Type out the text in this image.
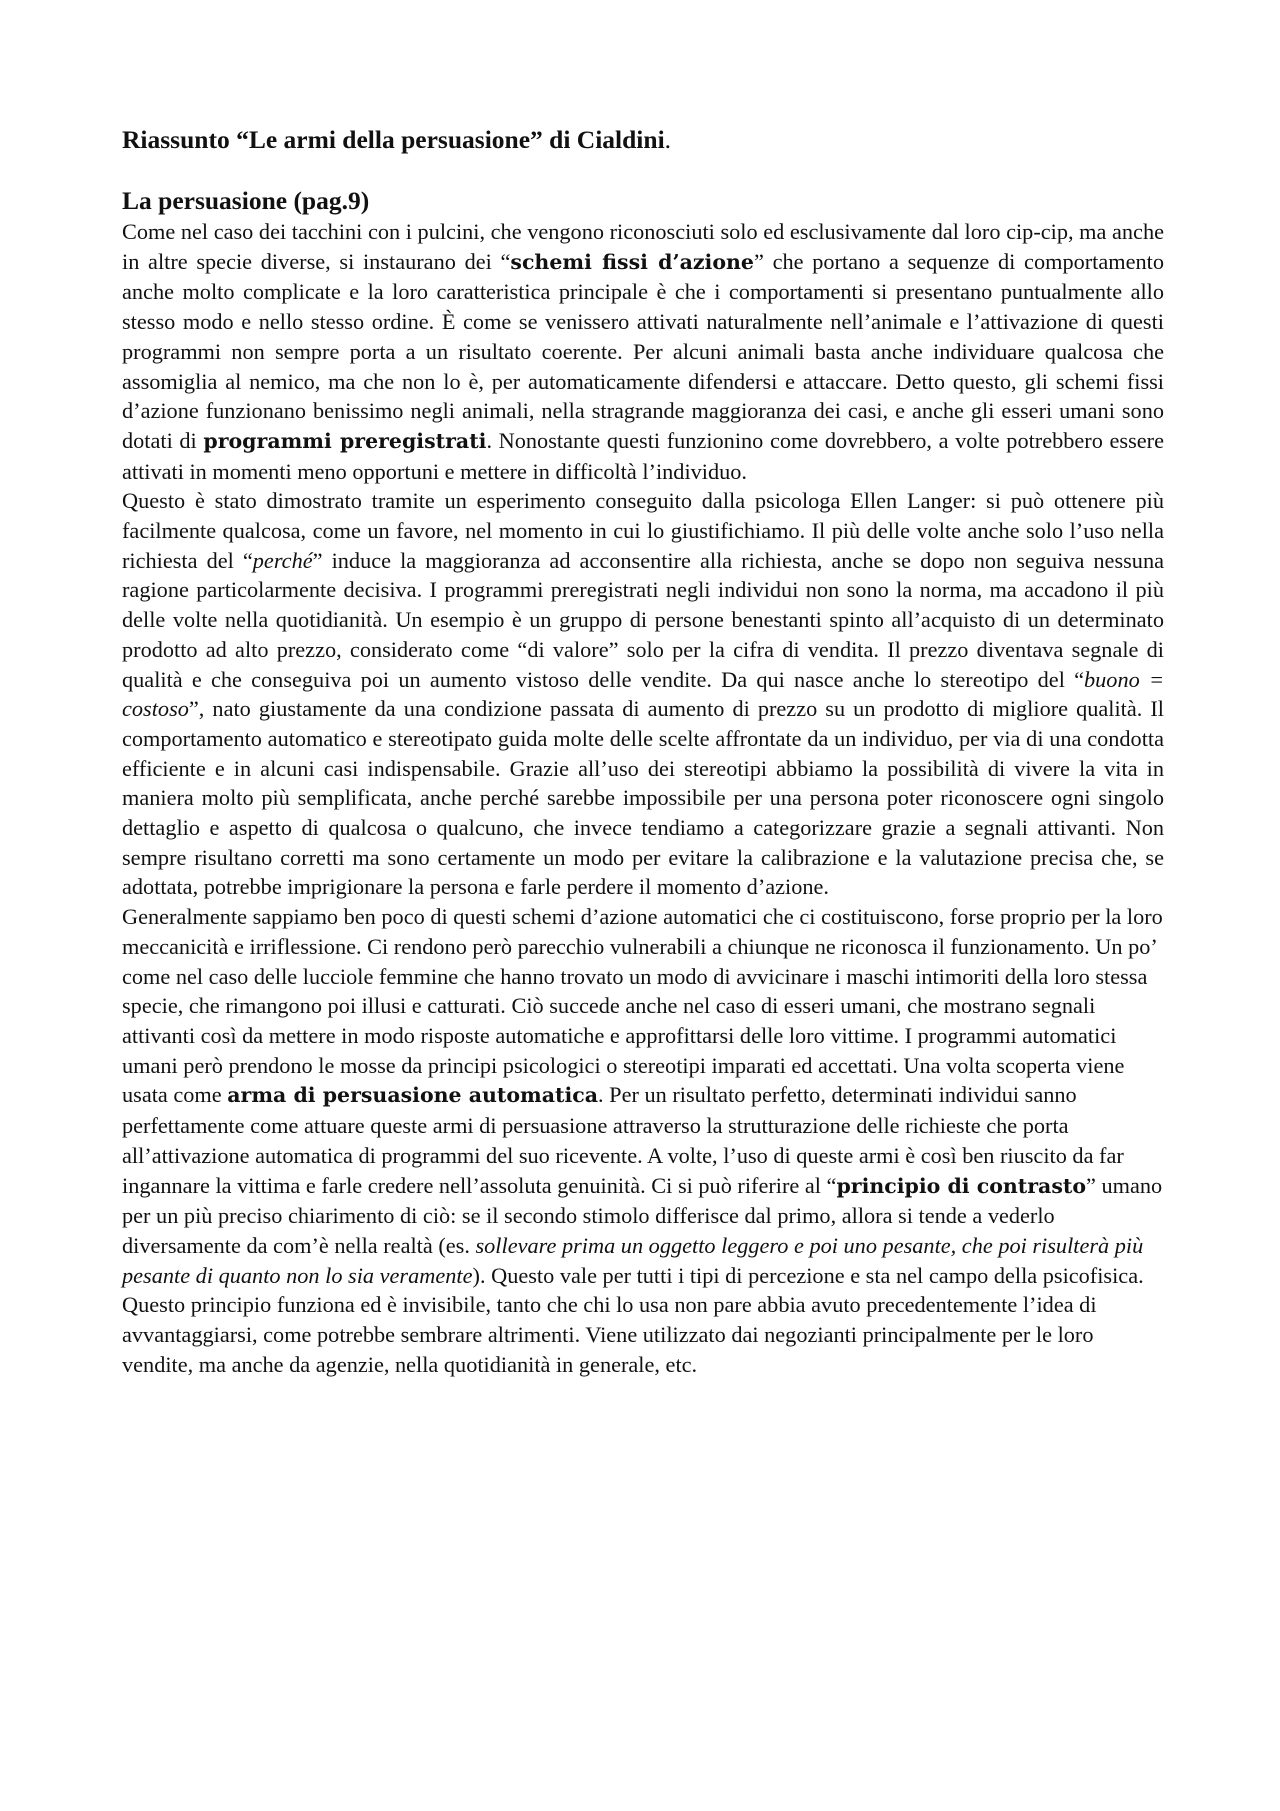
Riassunto “Le armi della persuasione” di Cialdini.
La persuasione (pag.9)

Come nel caso dei tacchini con i pulcini, che vengono riconosciuti solo ed esclusivamente dal loro cip-cip, ma anche in altre specie diverse, si instaurano dei “schemi fissi d’azione” che portano a sequenze di comportamento anche molto complicate e la loro caratteristica principale è che i comportamenti si presentano puntualmente allo stesso modo e nello stesso ordine. È come se venissero attivati naturalmente nell’animale e l’attivazione di questi programmi non sempre porta a un risultato coerente. Per alcuni animali basta anche individuare qualcosa che assomiglia al nemico, ma che non lo è, per automaticamente difendersi e attaccare. Detto questo, gli schemi fissi d’azione funzionano benissimo negli animali, nella stragrande maggioranza dei casi, e anche gli esseri umani sono dotati di programmi preregistrati. Nonostante questi funzionino come dovrebbero, a volte potrebbero essere attivati in momenti meno opportuni e mettere in difficoltà l’individuo.

Questo è stato dimostrato tramite un esperimento conseguito dalla psicologa Ellen Langer: si può ottenere più facilmente qualcosa, come un favore, nel momento in cui lo giustifichiamo. Il più delle volte anche solo l’uso nella richiesta del “perché” induce la maggioranza ad acconsentire alla richiesta, anche se dopo non seguiva nessuna ragione particolarmente decisiva. I programmi preregistrati negli individui non sono la norma, ma accadono il più delle volte nella quotidianità. Un esempio è un gruppo di persone benestanti spinto all’acquisto di un determinato prodotto ad alto prezzo, considerato come “di valore” solo per la cifra di vendita. Il prezzo diventava segnale di qualità e che conseguiva poi un aumento vistoso delle vendite. Da qui nasce anche lo stereotipo del “buono = costoso”, nato giustamente da una condizione passata di aumento di prezzo su un prodotto di migliore qualità. Il comportamento automatico e stereotipato guida molte delle scelte affrontate da un individuo, per via di una condotta efficiente e in alcuni casi indispensabile. Grazie all’uso dei stereotipi abbiamo la possibilità di vivere la vita in maniera molto più semplificata, anche perché sarebbe impossibile per una persona poter riconoscere ogni singolo dettaglio e aspetto di qualcosa o qualcuno, che invece tendiamo a categorizzare grazie a segnali attivanti. Non sempre risultano corretti ma sono certamente un modo per evitare la calibrazione e la valutazione precisa che, se adottata, potrebbe imprigionare la persona e farle perdere il momento d’azione.

Generalmente sappiamo ben poco di questi schemi d’azione automatici che ci costituiscono, forse proprio per la loro meccanicità e irriflessione. Ci rendono però parecchio vulnerabili a chiunque ne riconosca il funzionamento. Un po’ come nel caso delle lucciole femmine che hanno trovato un modo di avvicinare i maschi intimoriti della loro stessa specie, che rimangono poi illusi e catturati. Ciò succede anche nel caso di esseri umani, che mostrano segnali attivanti così da mettere in modo risposte automatiche e approfittarsi delle loro vittime. I programmi automatici umani però prendono le mosse da principi psicologici o stereotipi imparati ed accettati. Una volta scoperta viene usata come arma di persuasione automatica. Per un risultato perfetto, determinati individui sanno perfettamente come attuare queste armi di persuasione attraverso la strutturazione delle richieste che porta all’attivazione automatica di programmi del suo ricevente. A volte, l’uso di queste armi è così ben riuscito da far ingannare la vittima e farle credere nell’assoluta genuinità. Ci si può riferire al “principio di contrasto” umano per un più preciso chiarimento di ciò: se il secondo stimolo differisce dal primo, allora si tende a vederlo diversamente da com’è nella realtà (es. sollevare prima un oggetto leggero e poi uno pesante, che poi risulterà più pesante di quanto non lo sia veramente). Questo vale per tutti i tipi di percezione e sta nel campo della psicofisica. Questo principio funziona ed è invisibile, tanto che chi lo usa non pare abbia avuto precedentemente l’idea di avvantaggiarsi, come potrebbe sembrare altrimenti. Viene utilizzato dai negozianti principalmente per le loro vendite, ma anche da agenzie, nella quotidianità in generale, etc.
